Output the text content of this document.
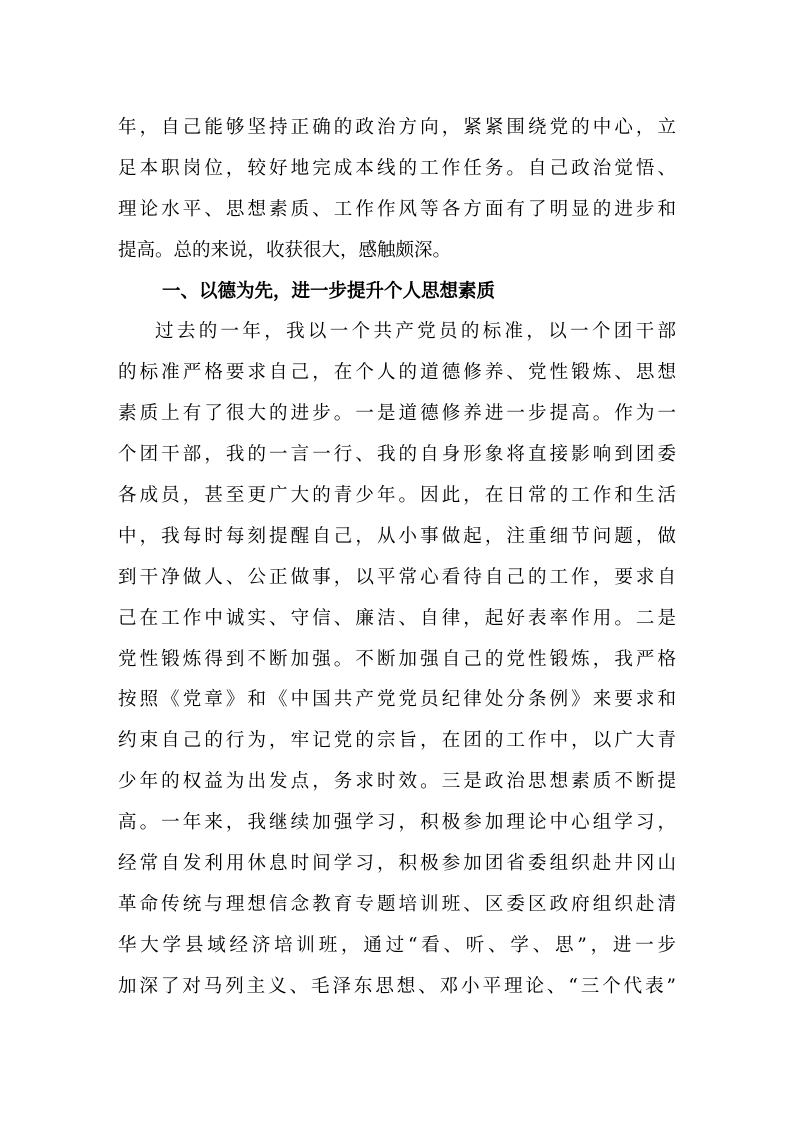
年，自己能够坚持正确的政治方向，紧紧围绕党的中心，立
足本职岗位，较好地完成本线的工作任务。自己政治觉悟、
理论水平、思想素质、工作作风等各方面有了明显的进步和
提高。总的来说，收获很大，感触颇深。
一、以德为先，进一步提升个人思想素质
过去的一年，我以一个共产党员的标准，以一个团干部
的标准严格要求自己，在个人的道德修养、党性锻炼、思想
素质上有了很大的进步。一是道德修养进一步提高。作为一
个团干部，我的一言一行、我的自身形象将直接影响到团委
各成员，甚至更广大的青少年。因此，在日常的工作和生活
中，我每时每刻提醒自己，从小事做起，注重细节问题，做
到干净做人、公正做事，以平常心看待自己的工作，要求自
己在工作中诚实、守信、廉洁、自律，起好表率作用。二是
党性锻炼得到不断加强。不断加强自己的党性锻炼，我严格
按照《党章》和《中国共产党党员纪律处分条例》来要求和
约束自己的行为，牢记党的宗旨，在团的工作中，以广大青
少年的权益为出发点，务求时效。三是政治思想素质不断提
高。一年来，我继续加强学习，积极参加理论中心组学习，
经常自发利用休息时间学习，积极参加团省委组织赴井冈山
革命传统与理想信念教育专题培训班、区委区政府组织赴清
华大学县域经济培训班，通过“看、听、学、思”，进一步
加深了对马列主义、毛泽东思想、邓小平理论、“三个代表”
